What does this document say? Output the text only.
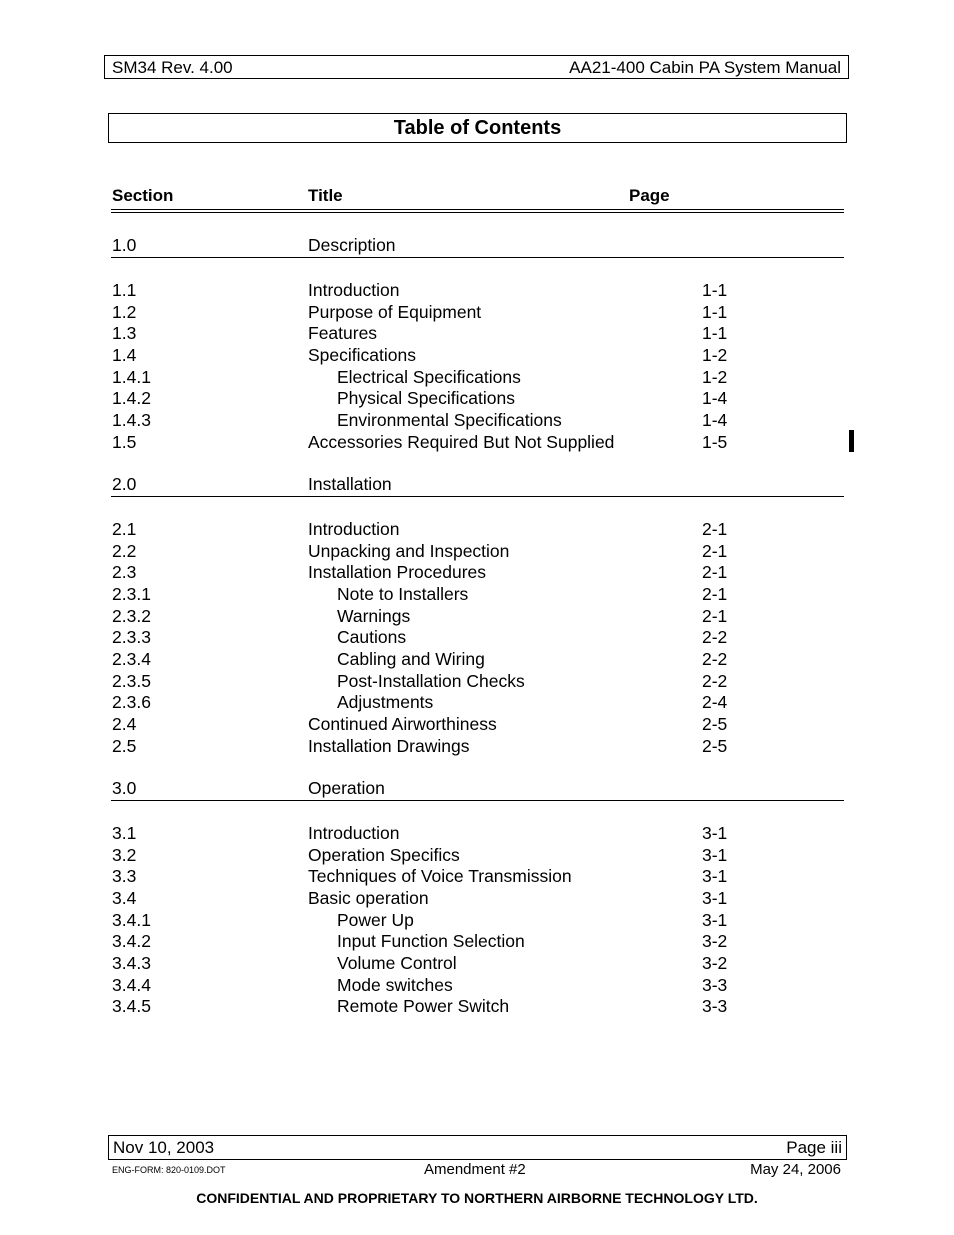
SM34 Rev. 4.00	AA21-400 Cabin PA System Manual
Table of Contents
Section	Title	Page
1.0	Description
1.1	Introduction	1-1
1.2	Purpose of Equipment	1-1
1.3	Features	1-1
1.4	Specifications	1-2
1.4.1	Electrical Specifications	1-2
1.4.2	Physical Specifications	1-4
1.4.3	Environmental Specifications	1-4
1.5	Accessories Required But Not Supplied	1-5
2.0	Installation
2.1	Introduction	2-1
2.2	Unpacking and Inspection	2-1
2.3	Installation Procedures	2-1
2.3.1	Note to Installers	2-1
2.3.2	Warnings	2-1
2.3.3	Cautions	2-2
2.3.4	Cabling and Wiring	2-2
2.3.5	Post-Installation Checks	2-2
2.3.6	Adjustments	2-4
2.4	Continued Airworthiness	2-5
2.5	Installation Drawings	2-5
3.0	Operation
3.1	Introduction	3-1
3.2	Operation Specifics	3-1
3.3	Techniques of Voice Transmission	3-1
3.4	Basic operation	3-1
3.4.1	Power Up	3-1
3.4.2	Input Function Selection	3-2
3.4.3	Volume Control	3-2
3.4.4	Mode switches	3-3
3.4.5	Remote Power Switch	3-3
Nov 10, 2003	Page iii
ENG-FORM: 820-0109.DOT	Amendment #2	May 24, 2006
CONFIDENTIAL AND PROPRIETARY TO NORTHERN AIRBORNE TECHNOLOGY LTD.
